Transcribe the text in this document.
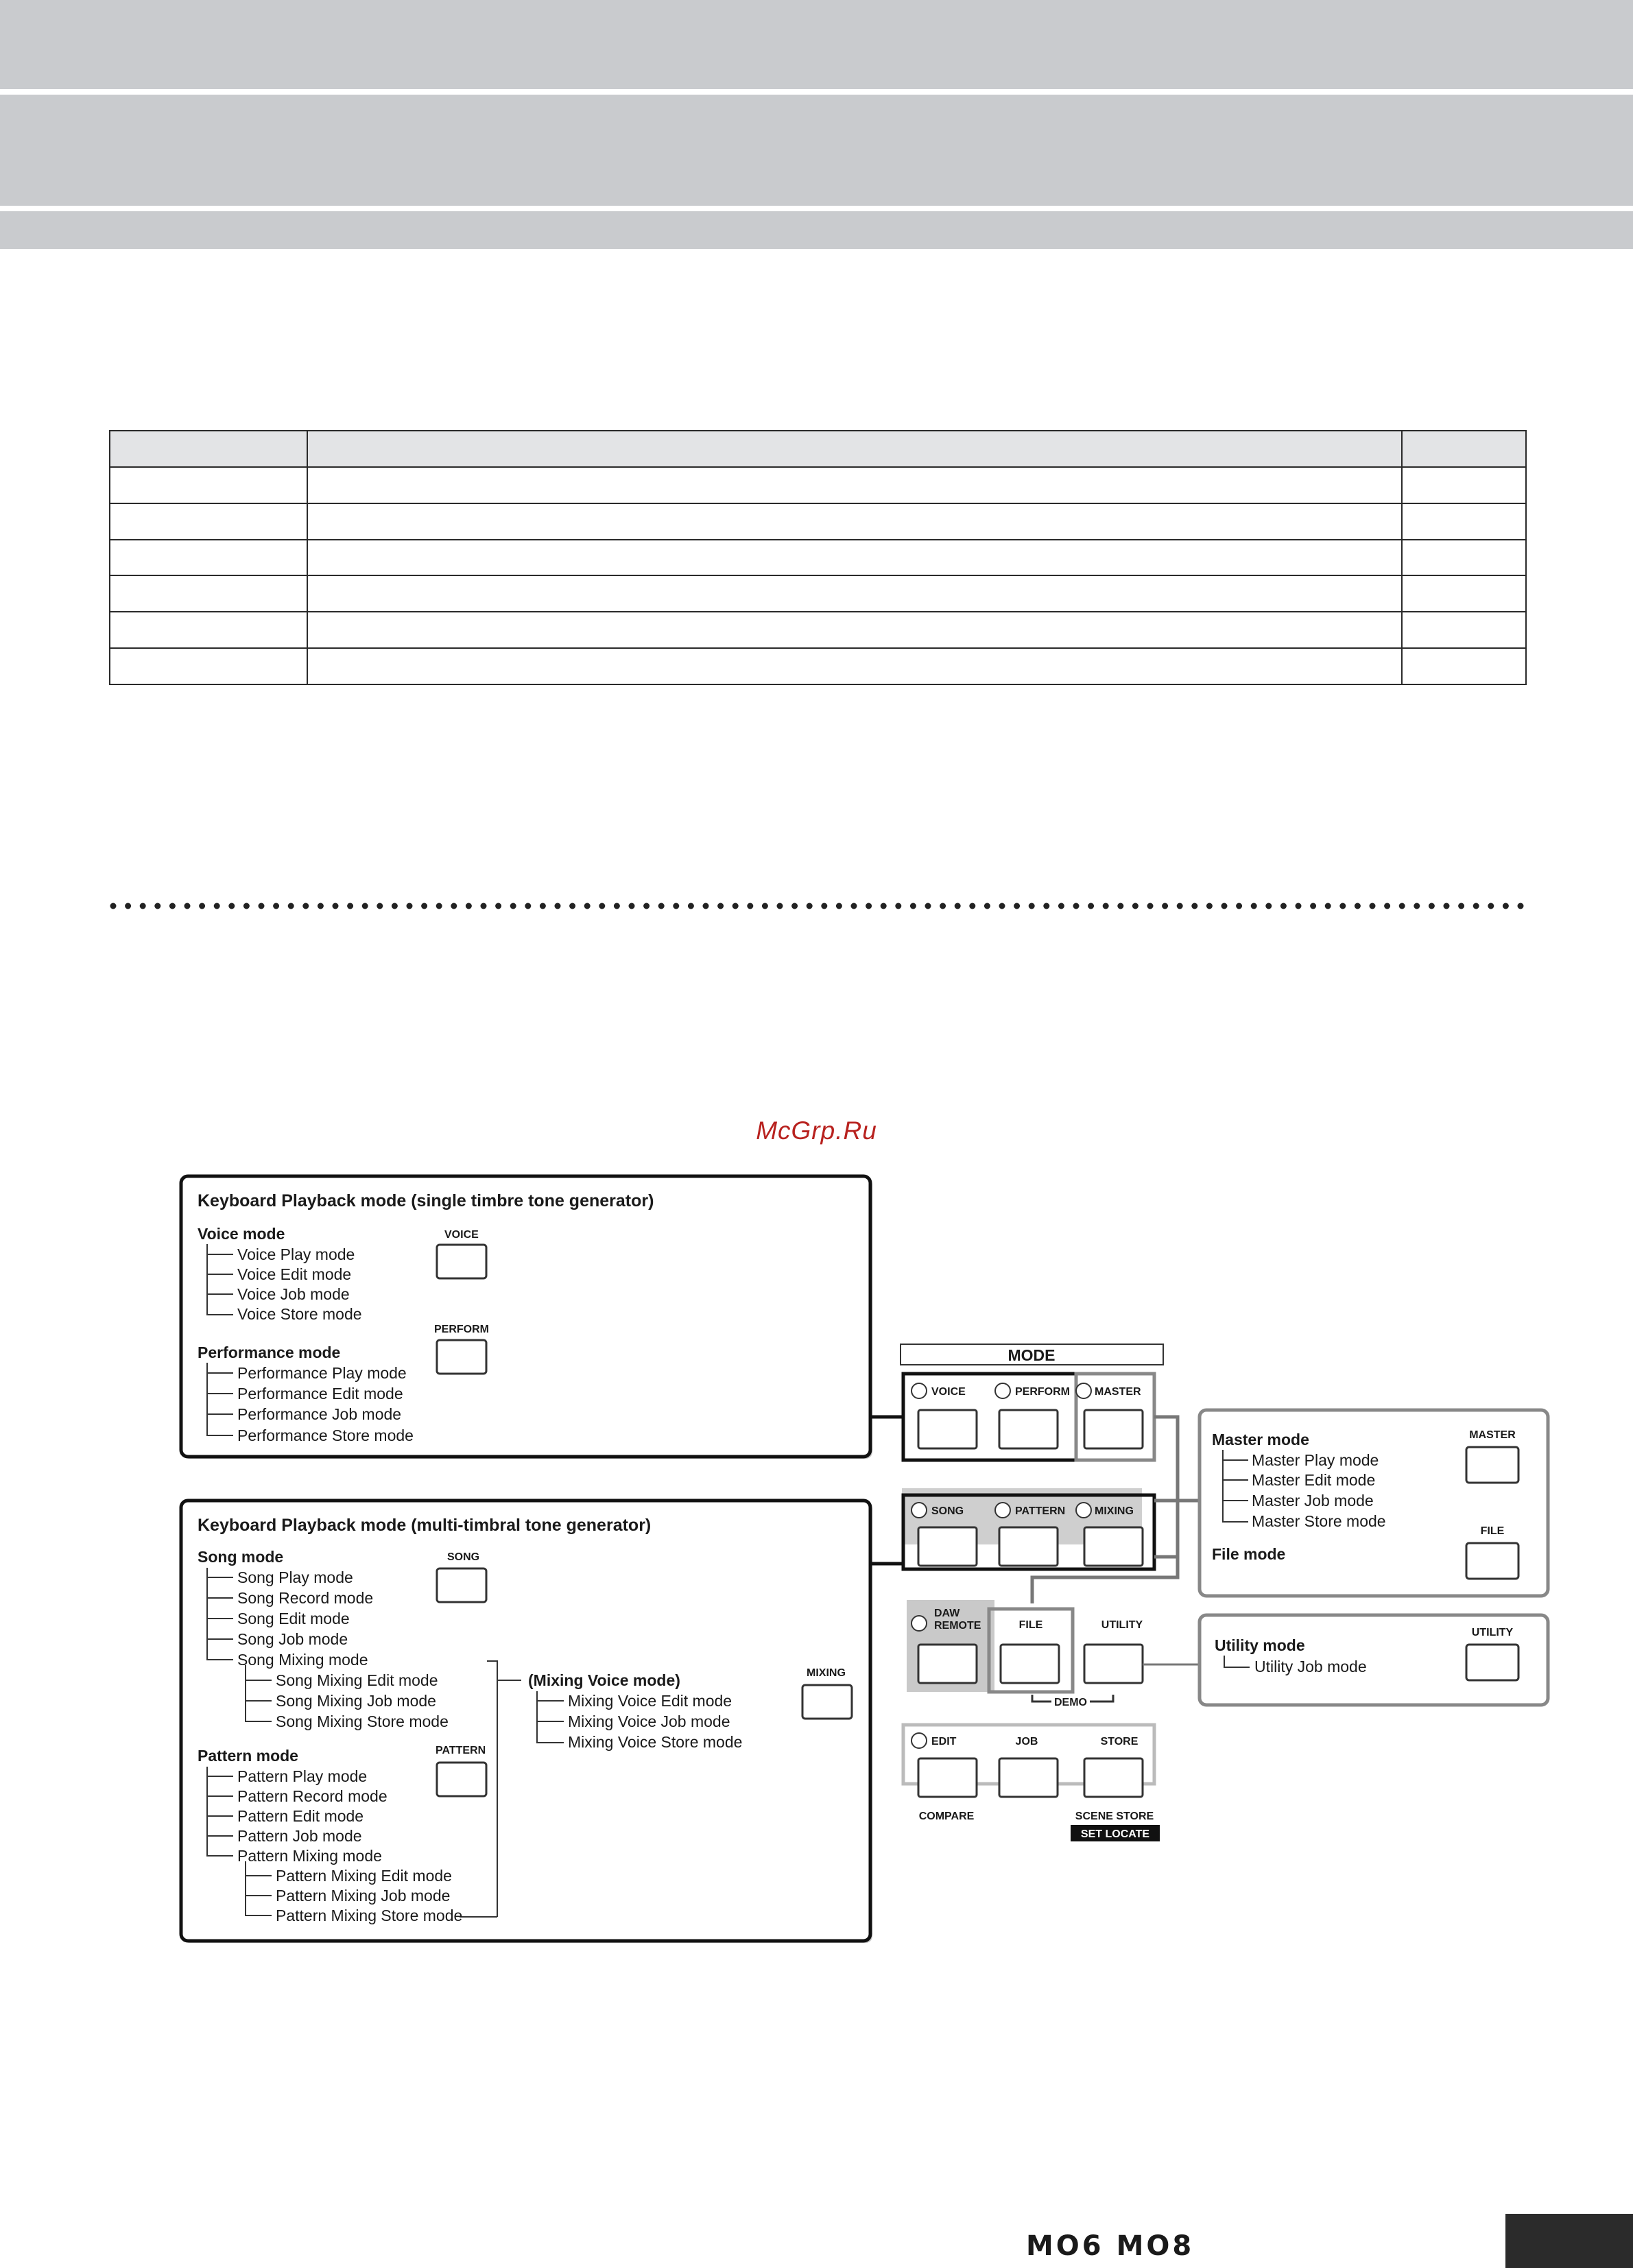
McGrp.Ru
Keyboard Playback mode (single timbre tone generator)
Voice mode
Voice Play mode
Voice Edit mode
Voice Job mode
Voice Store mode
VOICE
PERFORM
Performance mode
Performance Play mode
Performance Edit mode
Performance Job mode
Performance Store mode
Keyboard Playback mode (multi-timbral tone generator)
Song mode
Song Play mode
Song Record mode
Song Edit mode
Song Job mode
Song Mixing mode
Song Mixing Edit mode
Song Mixing Job mode
Song Mixing Store mode
SONG
(Mixing Voice mode)
Mixing Voice Edit mode
Mixing Voice Job mode
Mixing Voice Store mode
MIXING
Pattern mode
Pattern Play mode
Pattern Record mode
Pattern Edit mode
Pattern Job mode
Pattern Mixing mode
Pattern Mixing Edit mode
Pattern Mixing Job mode
Pattern Mixing Store mode
PATTERN
MODE
VOICE	PERFORM MASTER
SONG	PATTERN	MIXING
DAW
REMOTE	FILE	UTILITY
DEMO
EDIT	JOB	STORE
COMPARE	SCENE STORE
SET LOCATE
Master mode
Master Play mode
Master Edit mode
Master Job mode
Master Store mode
File mode
MASTER
FILE
Utility mode
Utility Job mode
UTILITY
MO6 MO8
